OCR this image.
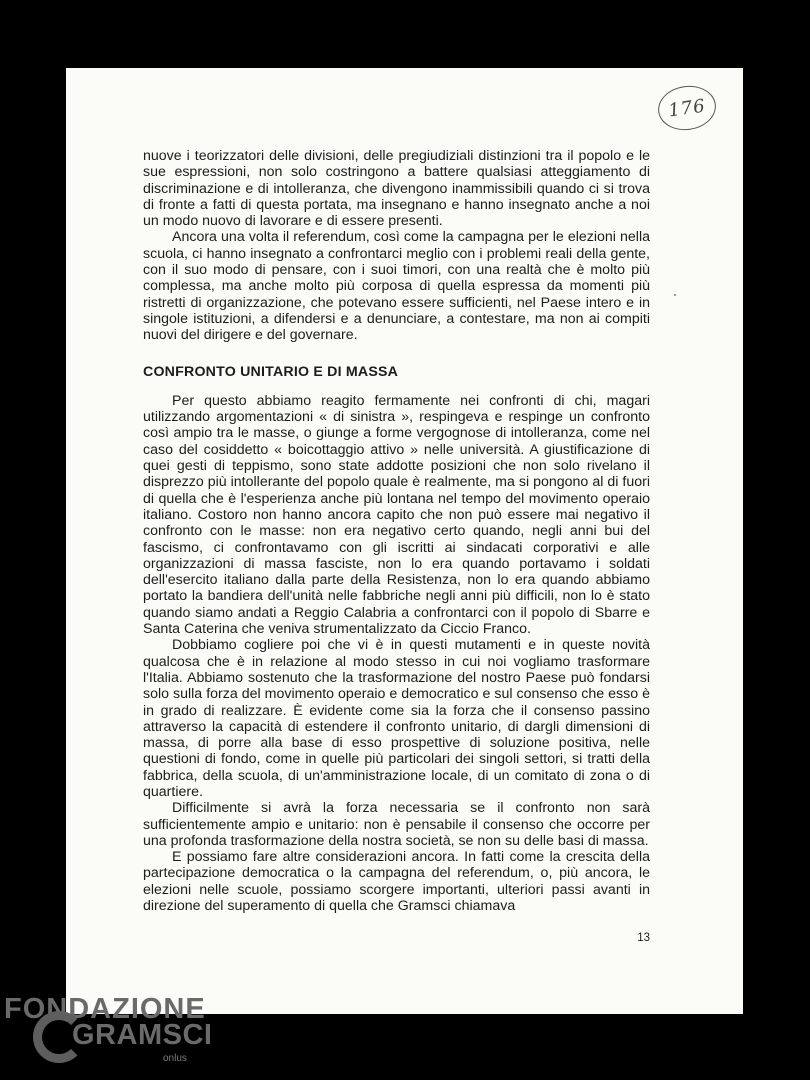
176

nuove i teorizzatori delle divisioni, delle pregiudiziali distinzioni tra il popolo e le sue espressioni, non solo costringono a battere qualsiasi atteggiamento di discriminazione e di intolleranza, che divengono inammissibili quando ci si trova di fronte a fatti di questa portata, ma insegnano e hanno insegnato anche a noi un modo nuovo di lavorare e di essere presenti.

Ancora una volta il referendum, così come la campagna per le elezioni nella scuola, ci hanno insegnato a confrontarci meglio con i problemi reali della gente, con il suo modo di pensare, con i suoi timori, con una realtà che è molto più complessa, ma anche molto più corposa di quella espressa da momenti più ristretti di organizzazione, che potevano essere sufficienti, nel Paese intero e in singole istituzioni, a difendersi e a denunciare, a contestare, ma non ai compiti nuovi del dirigere e del governare.

CONFRONTO UNITARIO E DI MASSA

Per questo abbiamo reagito fermamente nei confronti di chi, magari utilizzando argomentazioni « di sinistra », respingeva e respinge un confronto così ampio tra le masse, o giunge a forme vergognose di intolleranza, come nel caso del cosiddetto « boicottaggio attivo » nelle università. A giustificazione di quei gesti di teppismo, sono state addotte posizioni che non solo rivelano il disprezzo più intollerante del popolo quale è realmente, ma si pongono al di fuori di quella che è l'esperienza anche più lontana nel tempo del movimento operaio italiano. Costoro non hanno ancora capito che non può essere mai negativo il confronto con le masse: non era negativo certo quando, negli anni bui del fascismo, ci confrontavamo con gli iscritti ai sindacati corporativi e alle organizzazioni di massa fasciste, non lo era quando portavamo i soldati dell'esercito italiano dalla parte della Resistenza, non lo era quando abbiamo portato la bandiera dell'unità nelle fabbriche negli anni più difficili, non lo è stato quando siamo andati a Reggio Calabria a confrontarci con il popolo di Sbarre e Santa Caterina che veniva strumentalizzato da Ciccio Franco.

Dobbiamo cogliere poi che vi è in questi mutamenti e in queste novità qualcosa che è in relazione al modo stesso in cui noi vogliamo trasformare l'Italia. Abbiamo sostenuto che la trasformazione del nostro Paese può fondarsi solo sulla forza del movimento operaio e democratico e sul consenso che esso è in grado di realizzare. È evidente come sia la forza che il consenso passino attraverso la capacità di estendere il confronto unitario, di dargli dimensioni di massa, di porre alla base di esso prospettive di soluzione positiva, nelle questioni di fondo, come in quelle più particolari dei singoli settori, si tratti della fabbrica, della scuola, di un'amministrazione locale, di un comitato di zona o di quartiere.

Difficilmente si avrà la forza necessaria se il confronto non sarà sufficientemente ampio e unitario: non è pensabile il consenso che occorre per una profonda trasformazione della nostra società, se non su delle basi di massa.

E possiamo fare altre considerazioni ancora. In fatti come la crescita della partecipazione democratica o la campagna del referendum, o, più ancora, le elezioni nelle scuole, possiamo scorgere importanti, ulteriori passi avanti in direzione del superamento di quella che Gramsci chiamava

13
FONDAZIONE
GRAMSCI
onlus
